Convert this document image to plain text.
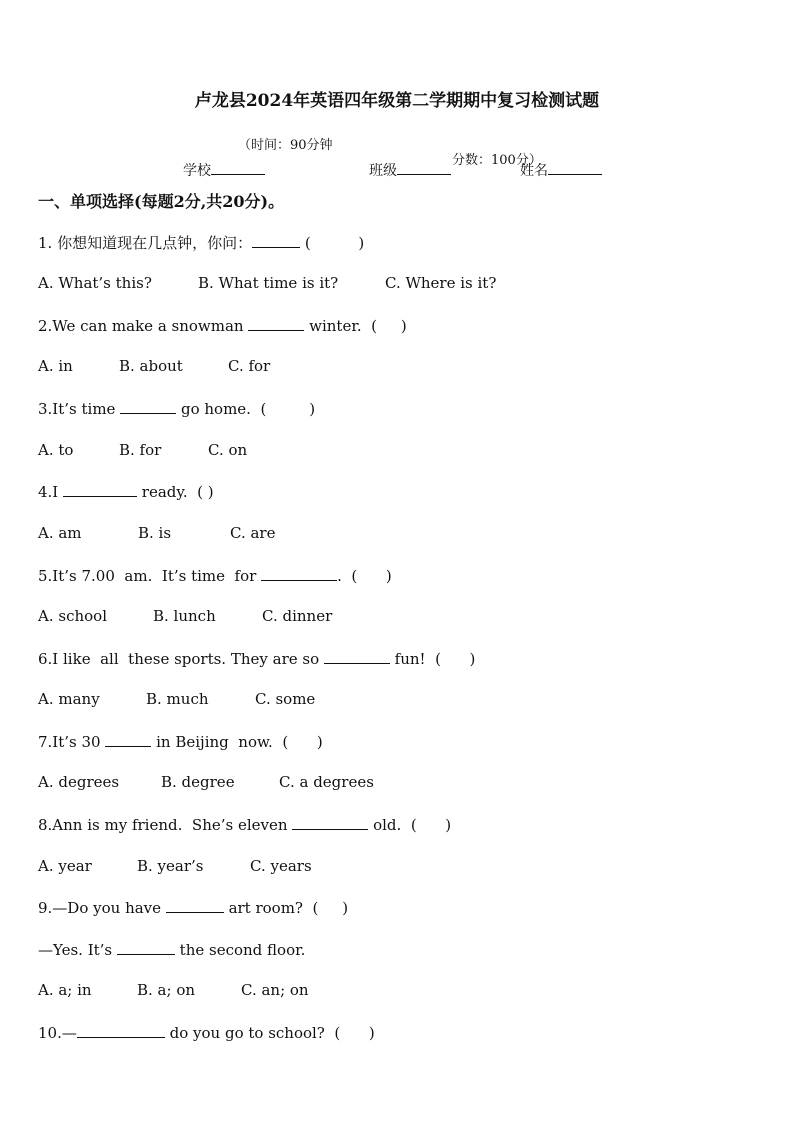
卢龙县2024年英语四年级第二学期期中复习检测试题

（时间：90分钟

分数：100分）

学校	班级	姓名
一、单项选择(每题2分,共20分)。
1. 你想知道现在几点钟，你问：	(          )
A. What’s this?	B. What time is it?	C. Where is it?
2.We can make a snowman	winter.  (     )
A. in	B. about	C. for
3.It’s time	go home.  (         )
A. to	B. for	C. on
4.I	ready.  ( )
A. am	B. is	C. are
5.It’s 7.00  am.  It’s time  for	.  (      )
A. school	B. lunch	C. dinner
6.I like  all  these sports. They are so	fun!  (      )
A. many	B. much	C. some
7.It’s 30	in Beijing  now.  (      )
A. degrees	B. degree	C. a degrees
8.Ann is my friend.  She’s eleven	old.  (      )
A. year	B. year’s	C. years
9.—Do you have	art room?  (     )
—Yes. It’s	the second floor.
A. a; in	B. a; on	C. an; on
10.—	do you go to school?  (      )
